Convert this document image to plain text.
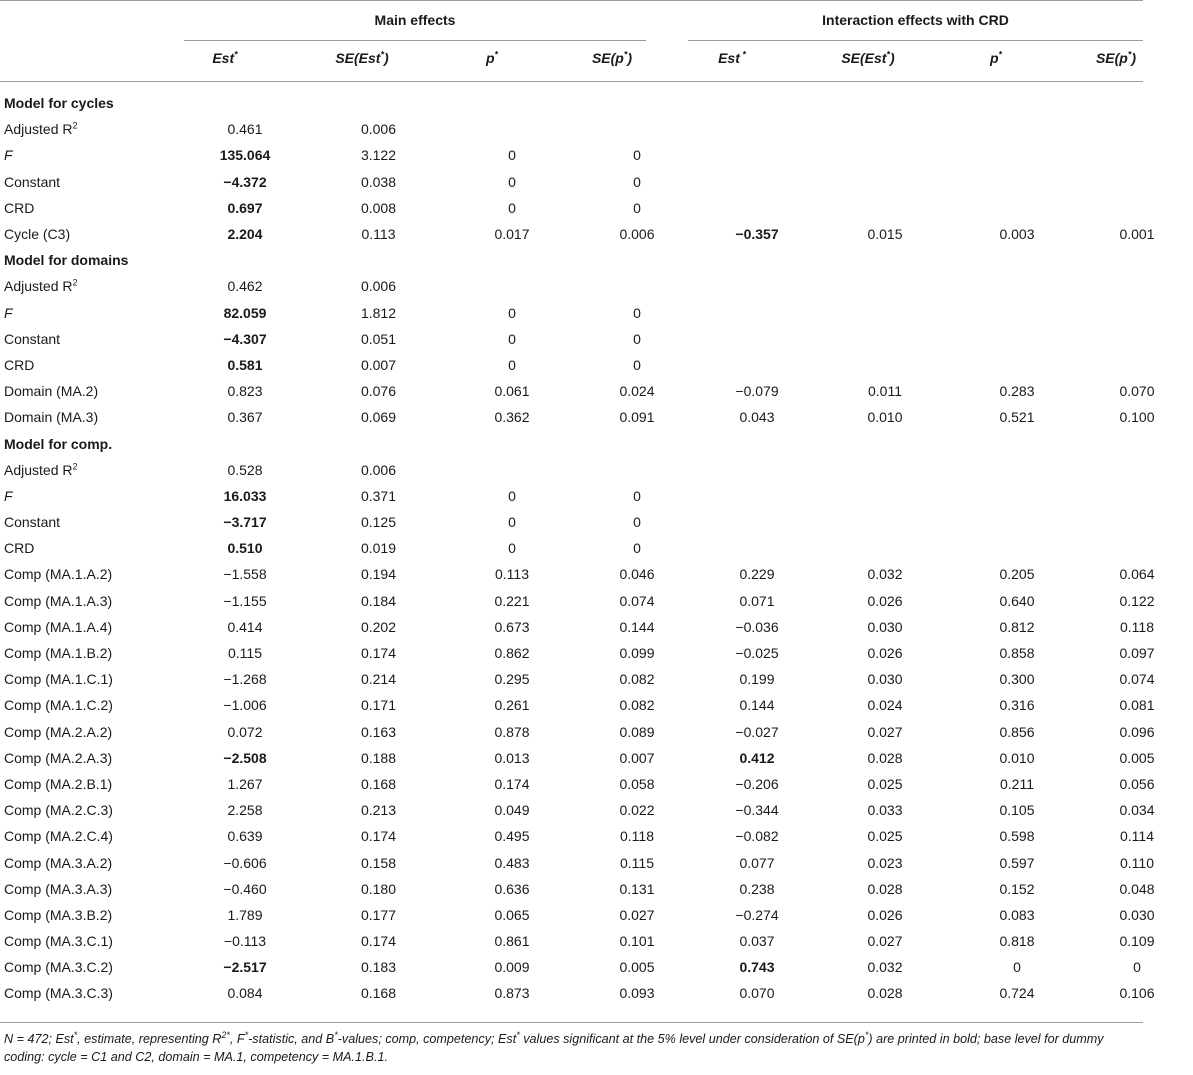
Main effects	Interaction effects with CRD
Est*	SE(Est*)	p*	SE(p*)	Est *	SE(Est*)	p*	SE(p*)
Model for cycles								
Adjusted $R^2$	0.461	0.006						
F	135.064	3.122	0	0				
Constant	−4.372	0.038	0	0				
CRD	0.697	0.008	0	0				
Cycle (C3)	2.204	0.113	0.017	0.006	−0.357	0.015	0.003	0.001
Model for domains								
Adjusted $R^2$	0.462	0.006						
F	82.059	1.812	0	0				
Constant	−4.307	0.051	0	0				
CRD	0.581	0.007	0	0				
Domain (MA.2)	0.823	0.076	0.061	0.024	−0.079	0.011	0.283	0.070
Domain (MA.3)	0.367	0.069	0.362	0.091	0.043	0.010	0.521	0.100
Model for comp.								
Adjusted $R^2$	0.528	0.006						
F	16.033	0.371	0	0				
Constant	−3.717	0.125	0	0				
CRD	0.510	0.019	0	0				
Comp (MA.1.A.2)	−1.558	0.194	0.113	0.046	0.229	0.032	0.205	0.064
Comp (MA.1.A.3)	−1.155	0.184	0.221	0.074	0.071	0.026	0.640	0.122
Comp (MA.1.A.4)	0.414	0.202	0.673	0.144	−0.036	0.030	0.812	0.118
Comp (MA.1.B.2)	0.115	0.174	0.862	0.099	−0.025	0.026	0.858	0.097
Comp (MA.1.C.1)	−1.268	0.214	0.295	0.082	0.199	0.030	0.300	0.074
Comp (MA.1.C.2)	−1.006	0.171	0.261	0.082	0.144	0.024	0.316	0.081
Comp (MA.2.A.2)	0.072	0.163	0.878	0.089	−0.027	0.027	0.856	0.096
Comp (MA.2.A.3)	−2.508	0.188	0.013	0.007	0.412	0.028	0.010	0.005
Comp (MA.2.B.1)	1.267	0.168	0.174	0.058	−0.206	0.025	0.211	0.056
Comp (MA.2.C.3)	2.258	0.213	0.049	0.022	−0.344	0.033	0.105	0.034
Comp (MA.2.C.4)	0.639	0.174	0.495	0.118	−0.082	0.025	0.598	0.114
Comp (MA.3.A.2)	−0.606	0.158	0.483	0.115	0.077	0.023	0.597	0.110
Comp (MA.3.A.3)	−0.460	0.180	0.636	0.131	0.238	0.028	0.152	0.048
Comp (MA.3.B.2)	1.789	0.177	0.065	0.027	−0.274	0.026	0.083	0.030
Comp (MA.3.C.1)	−0.113	0.174	0.861	0.101	0.037	0.027	0.818	0.109
Comp (MA.3.C.2)	−2.517	0.183	0.009	0.005	0.743	0.032	0	0
Comp (MA.3.C.3)	0.084	0.168	0.873	0.093	0.070	0.028	0.724	0.106
N = 472; Est*, estimate, representing $R^{2*}$, F*-statistic, and B*-values; comp, competency; Est* values significant at the 5% level under consideration of SE(p*) are printed in bold; base level for dummy coding: cycle = C1 and C2, domain = MA.1, competency = MA.1.B.1.
